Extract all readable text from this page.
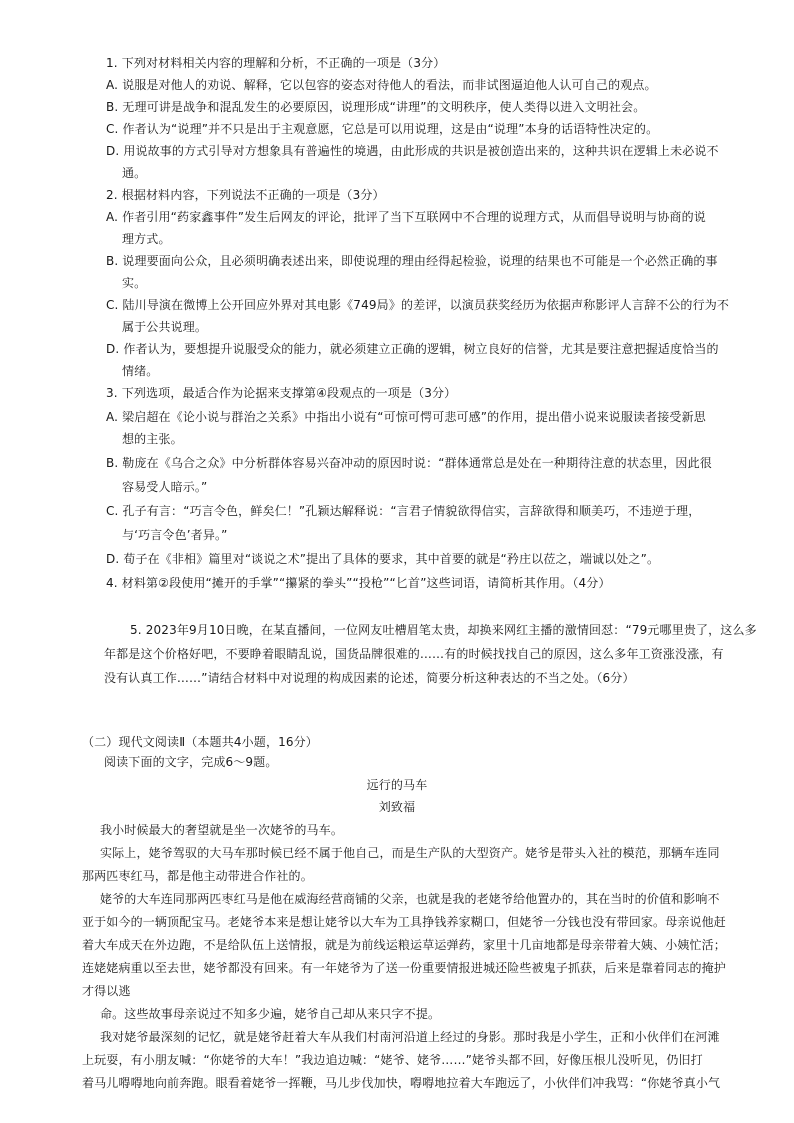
1. 下列对材料相关内容的理解和分析，不正确的一项是（3分）
A. 说服是对他人的劝说、解释，它以包容的姿态对待他人的看法，而非试图逼迫他人认可自己的观点。
B. 无理可讲是战争和混乱发生的必要原因，说理形成“讲理”的文明秩序，使人类得以进入文明社会。
C. 作者认为“说理”并不只是出于主观意愿，它总是可以用说理，这是由“说理”本身的话语特性决定的。
D. 用说故事的方式引导对方想象具有普遍性的境遇，由此形成的共识是被创造出来的，这种共识在逻辑上未必说不
通。
2. 根据材料内容，下列说法不正确的一项是（3分）
A. 作者引用“药家鑫事件”发生后网友的评论，批评了当下互联网中不合理的说理方式，从而倡导说明与协商的说
理方式。
B. 说理要面向公众，且必须明确表述出来，即使说理的理由经得起检验，说理的结果也不可能是一个必然正确的事
实。
C. 陆川导演在微博上公开回应外界对其电影《749局》的差评，以演员获奖经历为依据声称影评人言辞不公的行为不
属于公共说理。
D. 作者认为，要想提升说服受众的能力，就必须建立正确的逻辑，树立良好的信誉，尤其是要注意把握适度恰当的
情绪。
3. 下列选项，最适合作为论据来支撑第④段观点的一项是（3分）
A. 梁启超在《论小说与群治之关系》中指出小说有“可惊可愕可悲可感”的作用，提出借小说来说服读者接受新思
想的主张。
B. 勒庞在《乌合之众》中分析群体容易兴奋冲动的原因时说：“群体通常总是处在一种期待注意的状态里，因此很
容易受人暗示。”
C. 孔子有言：“巧言令色，鲜矣仁！”孔颖达解释说：“言君子情貌欲得信实，言辞欲得和顺美巧，不违逆于理，
与‘巧言令色’者异。”
D. 荀子在《非相》篇里对“谈说之术”提出了具体的要求，其中首要的就是“矜庄以莅之，端诚以处之”。
4. 材料第②段使用“摊开的手掌”“攥紧的拳头”“投枪”“匕首”这些词语，请简析其作用。（4分）
5. 2023年9月10日晚，在某直播间，一位网友吐槽眉笔太贵，却换来网红主播的激情回怼：“79元哪里贵了，这么多
年都是这个价格好吧，不要睁着眼睛乱说，国货品牌很难的……有的时候找找自己的原因，这么多年工资涨没涨，有
没有认真工作……”请结合材料中对说理的构成因素的论述，简要分析这种表达的不当之处。（6分）
（二）现代文阅读Ⅱ（本题共4小题，16分）
阅读下面的文字，完成6～9题。
远行的马车
刘致福
我小时候最大的奢望就是坐一次姥爷的马车。
实际上，姥爷驾驭的大马车那时候已经不属于他自己，而是生产队的大型资产。姥爷是带头入社的模范，那辆车连同
那两匹枣红马，都是他主动带进合作社的。
姥爷的大车连同那两匹枣红马是他在威海经营商铺的父亲，也就是我的老姥爷给他置办的，其在当时的价值和影响不
亚于如今的一辆顶配宝马。老姥爷本来是想让姥爷以大车为工具挣钱养家糊口，但姥爷一分钱也没有带回家。母亲说他赶
着大车成天在外边跑，不是给队伍上送情报，就是为前线运粮运草运弹药，家里十几亩地都是母亲带着大姨、小姨忙活；
连姥姥病重以至去世，姥爷都没有回来。有一年姥爷为了送一份重要情报进城还险些被鬼子抓获，后来是靠着同志的掩护
才得以逃
命。这些故事母亲说过不知多少遍，姥爷自己却从来只字不提。
我对姥爷最深刻的记忆，就是姥爷赶着大车从我们村南河沿道上经过的身影。那时我是小学生，正和小伙伴们在河滩
上玩耍，有小朋友喊：“你姥爷的大车！”我边追边喊：“姥爷、姥爷……”姥爷头都不回，好像压根儿没听见，仍旧打
着马儿嘚嘚地向前奔跑。眼看着姥爷一挥鞭，马儿步伐加快，嘚嘚地拉着大车跑远了，小伙伴们冲我骂：“你姥爷真小气
